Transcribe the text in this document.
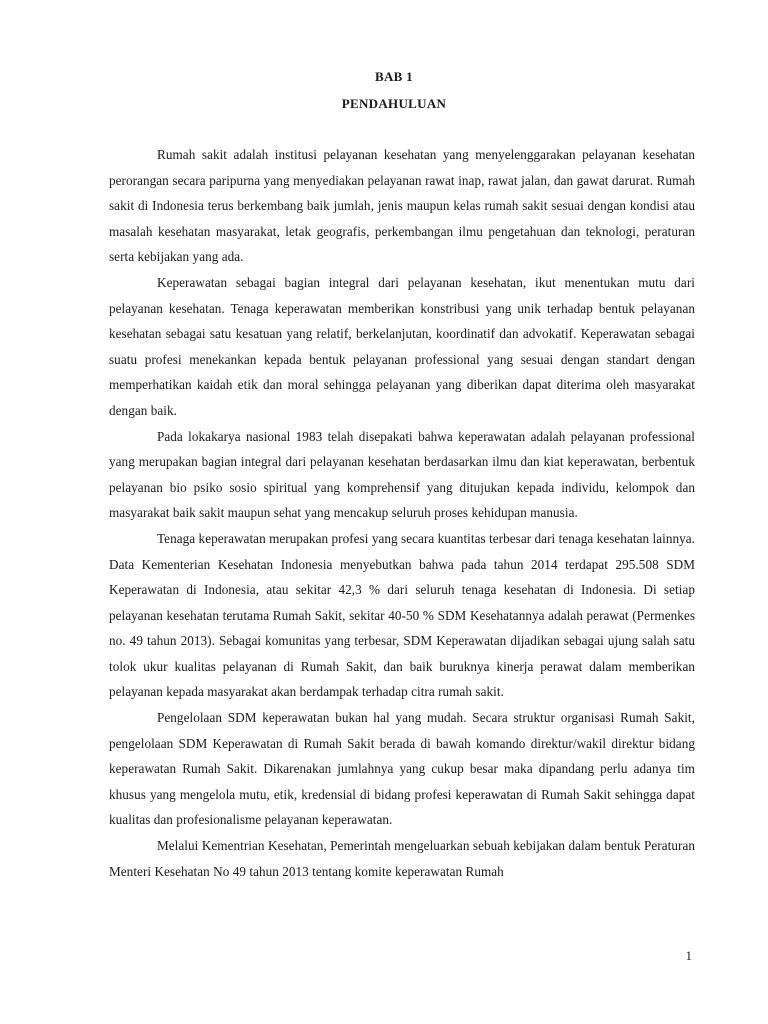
BAB 1
PENDAHULUAN

Rumah sakit adalah institusi pelayanan kesehatan yang menyelenggarakan pelayanan kesehatan perorangan secara paripurna yang menyediakan pelayanan rawat inap, rawat jalan, dan gawat darurat. Rumah sakit di Indonesia terus berkembang baik jumlah, jenis maupun kelas rumah sakit sesuai dengan kondisi atau masalah kesehatan masyarakat, letak geografis, perkembangan ilmu pengetahuan dan teknologi, peraturan serta kebijakan yang ada.

Keperawatan sebagai bagian integral dari pelayanan kesehatan, ikut menentukan mutu dari pelayanan kesehatan. Tenaga keperawatan memberikan konstribusi yang unik terhadap bentuk pelayanan kesehatan sebagai satu kesatuan yang relatif, berkelanjutan, koordinatif dan advokatif. Keperawatan sebagai suatu profesi menekankan kepada bentuk pelayanan professional yang sesuai dengan standart dengan memperhatikan kaidah etik dan moral sehingga pelayanan yang diberikan dapat diterima oleh masyarakat dengan baik.

Pada lokakarya nasional 1983 telah disepakati bahwa keperawatan adalah pelayanan professional yang merupakan bagian integral dari pelayanan kesehatan berdasarkan ilmu dan kiat keperawatan, berbentuk pelayanan bio psiko sosio spiritual yang komprehensif yang ditujukan kepada individu, kelompok dan masyarakat baik sakit maupun sehat yang mencakup seluruh proses kehidupan manusia.

Tenaga keperawatan merupakan profesi yang secara kuantitas terbesar dari tenaga kesehatan lainnya. Data Kementerian Kesehatan Indonesia menyebutkan bahwa pada tahun 2014 terdapat 295.508 SDM Keperawatan di Indonesia, atau sekitar 42,3 % dari seluruh tenaga kesehatan di Indonesia. Di setiap pelayanan kesehatan terutama Rumah Sakit, sekitar 40-50 % SDM Kesehatannya adalah perawat (Permenkes no. 49 tahun 2013). Sebagai komunitas yang terbesar, SDM Keperawatan dijadikan sebagai ujung salah satu tolok ukur kualitas pelayanan di Rumah Sakit, dan baik buruknya kinerja perawat dalam memberikan pelayanan kepada masyarakat akan berdampak terhadap citra rumah sakit.

Pengelolaan SDM keperawatan bukan hal yang mudah. Secara struktur organisasi Rumah Sakit, pengelolaan SDM Keperawatan di Rumah Sakit berada di bawah komando direktur/wakil direktur bidang keperawatan Rumah Sakit. Dikarenakan jumlahnya yang cukup besar maka dipandang perlu adanya tim khusus yang mengelola mutu, etik, kredensial di bidang profesi keperawatan di Rumah Sakit sehingga dapat kualitas dan profesionalisme pelayanan keperawatan.

Melalui Kementrian Kesehatan, Pemerintah mengeluarkan sebuah kebijakan dalam bentuk Peraturan Menteri Kesehatan No 49 tahun 2013 tentang komite keperawatan Rumah

1
